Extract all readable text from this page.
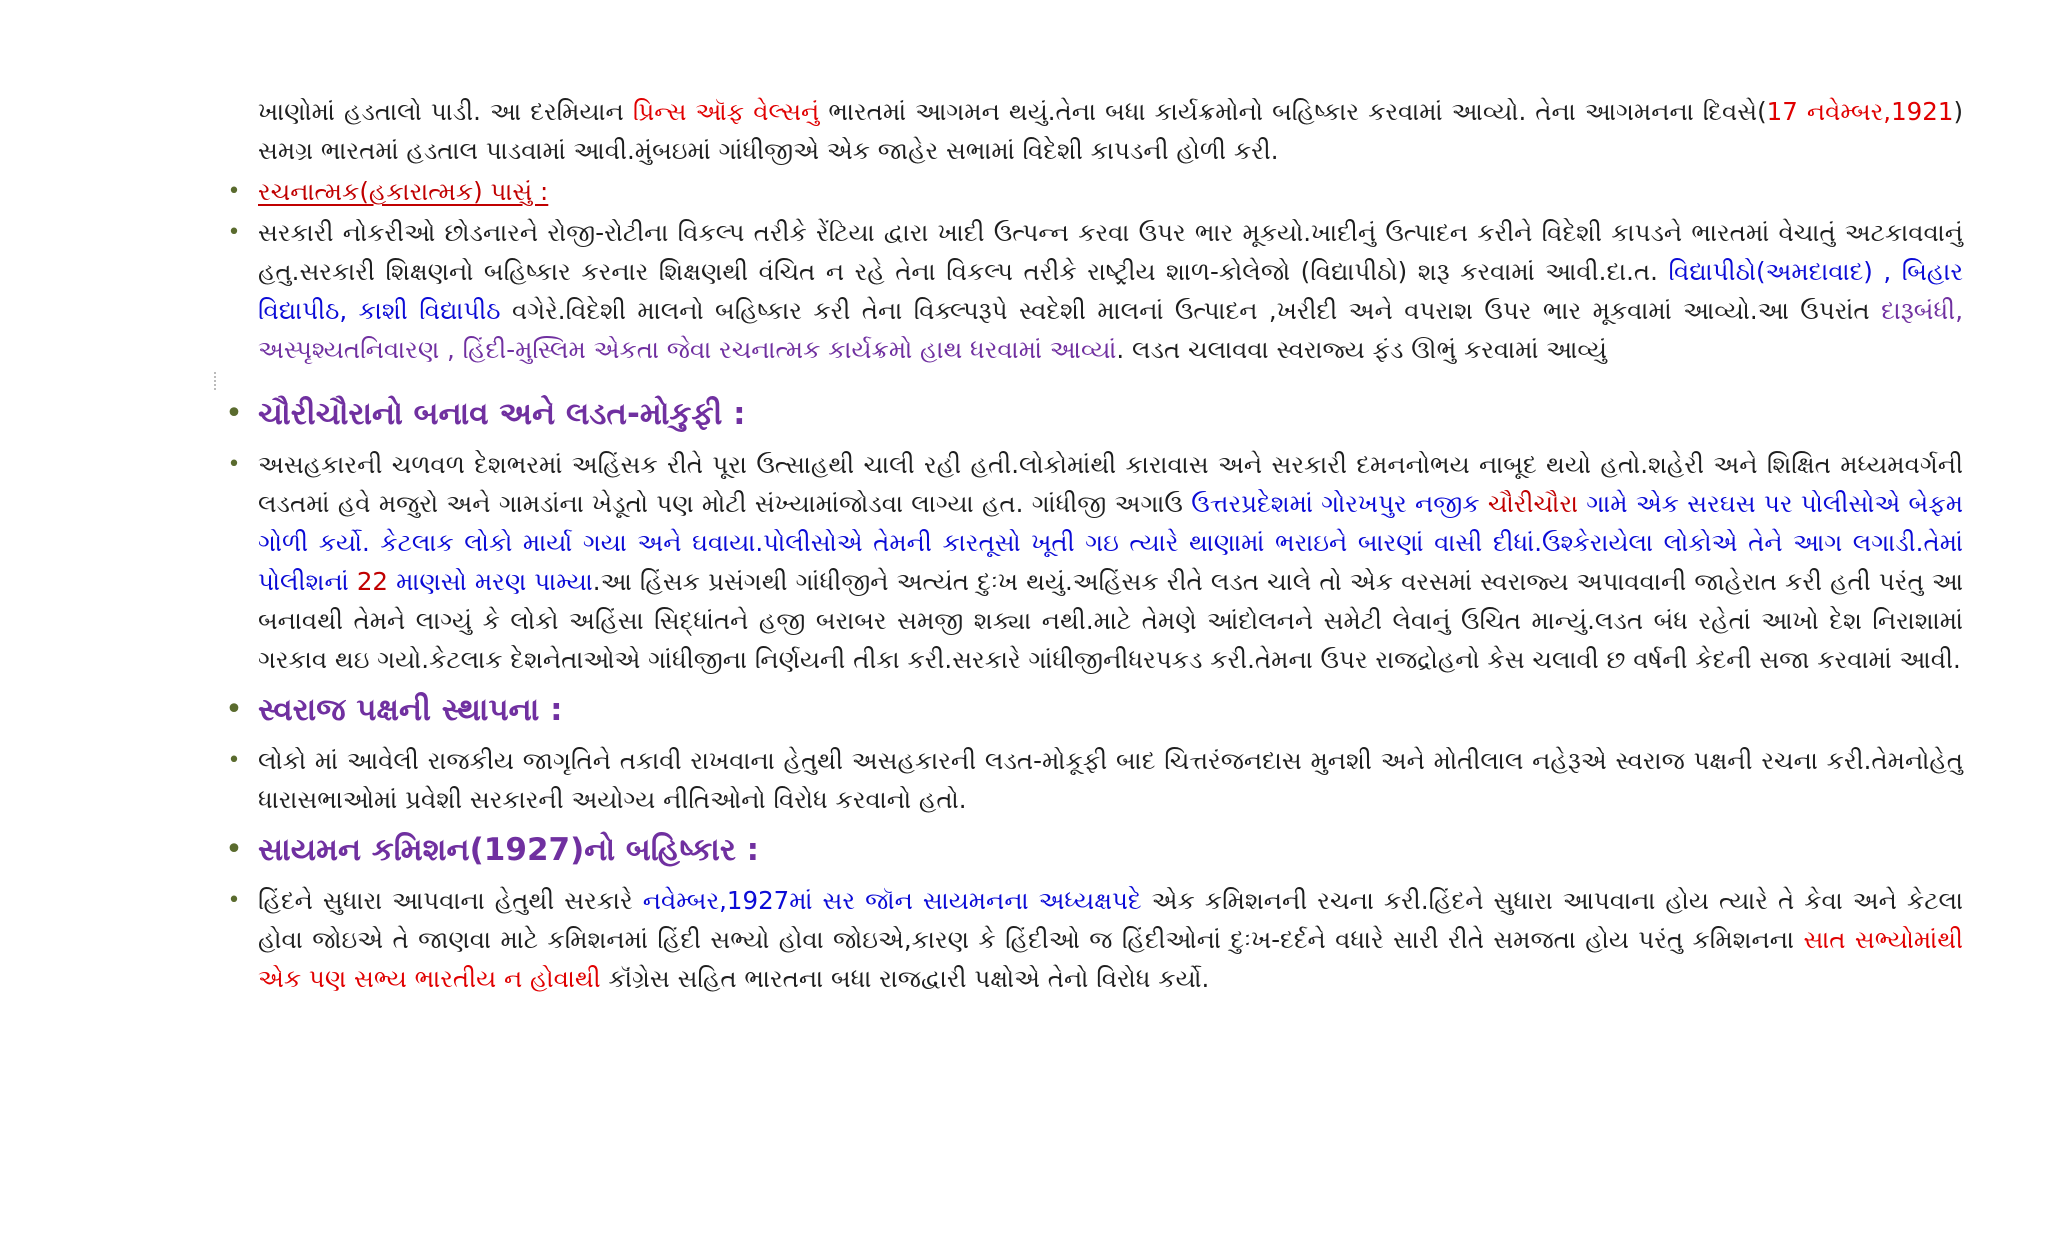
ખાણોમાં હડતાલો પાડી. આ દરમિયાન પ્રિન્સ ઑફ વેલ્સનું ભારતમાં આગમન થયું.તેના બધા કાર્યક્રમોનો બહિષ્કાર કરવામાં આવ્યો. તેના આગમનના દિવસે(17 નવેમ્બર,1921) સમગ્ર ભારતમાં હડતાલ પાડવામાં આવી.મુંબઇમાં ગાંધીજીએ એક જાહેર સભામાં વિદેશી કાપડની હોળી કરી.

• રચનાત્મક(હકારાત્મક) પાસું :
• સરકારી નોકરીઓ છોડનારને રોજી-રોટીના વિકલ્પ તરીકે રેંટિયા દ્વારા ખાદી ઉત્પન્ન કરવા ઉપર ભાર મૂકયો.ખાદીનું ઉત્પાદન કરીને વિદેશી કાપડને ભારતમાં વેચાતું અટકાવવાનું હતુ.સરકારી શિક્ષણનો બહિષ્કાર કરનાર શિક્ષણથી વંચિત ન રહે તેના વિકલ્પ તરીકે રાષ્ટ્રીય શાળ-કોલેજો (વિદ્યાપીઠો) શરૂ કરવામાં આવી.દા.ત. વિદ્યાપીઠો(અમદાવાદ) , બિહાર વિદ્યાપીઠ, કાશી વિદ્યાપીઠ વગેરે.વિદેશી માલનો બહિષ્કાર કરી તેના વિક્લ્પરૂપે સ્વદેશી માલનાં ઉત્પાદન ,ખરીદી અને વપરાશ ઉપર ભાર મૂકવામાં આવ્યો.આ ઉપરાંત દારૂબંધી, અસ્પૃશ્યતનિવારણ , હિંદી-મુસ્લિમ એકતા જેવા રચનાત્મક કાર્યક્રમો હાથ ધરવામાં આવ્યાં. લડત ચલાવવા સ્વરાજ્ય ફંડ ઊભું કરવામાં આવ્યું
• ચૌરીચૌરાનો બનાવ અને લડત-મોકુફી :
• અસહકારની ચળવળ દેશભરમાં અહિંસક રીતે પૂરા ઉત્સાહથી ચાલી રહી હતી.લોકોમાંથી કારાવાસ અને સરકારી દમનનોભય નાબૂદ થયો હતો.શહેરી અને શિક્ષિત મધ્યમવર્ગની લડતમાં હવે મજુરો અને ગામડાંના ખેડૂતો પણ મોટી સંખ્યામાંજોડવા લાગ્યા હત. ગાંધીજી અગાઉ ઉત્તરપ્રદેશમાં ગોરખપુર નજીક ચૌરીચૌરા ગામે એક સરઘસ પર પોલીસોએ બેફમ ગોળી કર્યો. કેટલાક લોકો માર્યા ગયા અને ઘવાયા.પોલીસોએ તેમની કારતૂસો ખૂતી ગઇ ત્યારે થાણામાં ભરાઇને બારણાં વાસી દીધાં.ઉશ્કેરાયેલા લોકોએ તેને આગ લગાડી.તેમાં પોલીશનાં 22 માણસો મરણ પામ્યા.આ હિંસક પ્રસંગથી ગાંધીજીને અત્યંત દુઃખ થયું.અહિંસક રીતે લડત ચાલે તો એક વરસમાં સ્વરાજ્ય અપાવવાની જાહેરાત કરી હતી પરંતુ આ બનાવથી તેમને લાગ્યું કે લોકો અહિંસા સિદ્ધાંતને હજી બરાબર સમજી શક્યા નથી.માટે તેમણે આંદોલનને સમેટી લેવાનું ઉચિત માન્યું.લડત બંધ રહેતાં આખો દેશ નિરાશામાં ગરકાવ થઇ ગયો.કેટલાક દેશનેતાઓએ ગાંધીજીના નિર્ણયની તીકા કરી.સરકારે ગાંધીજીનીધરપકડ કરી.તેમના ઉપર રાજદ્રોહનો કેસ ચલાવી છ વર્ષની કેદની સજા કરવામાં આવી.
• સ્વરાજ પક્ષની સ્થાપના :
• લોકો માં આવેલી રાજકીય જાગૃતિને તકાવી રાખવાના હેતુથી અસહકારની લડત-મોકૂફી બાદ ચિત્તરંજનદાસ મુનશી અને મોતીલાલ નહેરૂએ સ્વરાજ પક્ષની રચના કરી.તેમનોહેતુ ધારાસભાઓમાં પ્રવેશી સરકારની અયોગ્ય નીતિઓનો વિરોધ કરવાનો હતો.
• સાયમન કમિશન(1927)નો બહિષ્કાર :
• હિંદને સુધારા આપવાના હેતુથી સરકારે નવેમ્બર,1927માં સર જૉન સાયમનના અધ્યક્ષપદે એક કમિશનની રચના કરી.હિંદને સુધારા આપવાના હોય ત્યારે તે કેવા અને કેટલા હોવા જોઇએ તે જાણવા માટે કમિશનમાં હિંદી સભ્યો હોવા જોઇએ,કારણ કે હિંદીઓ જ હિંદીઓનાં દુઃખ-દર્દને વધારે સારી રીતે સમજતા હોય પરંતુ કમિશનના સાત સભ્યોમાંથી એક પણ સભ્ય ભારતીય ન હોવાથી કૉંગ્રેસ સહિત ભારતના બધા રાજદ્વારી પક્ષોએ તેનો વિરોધ કર્યો.
